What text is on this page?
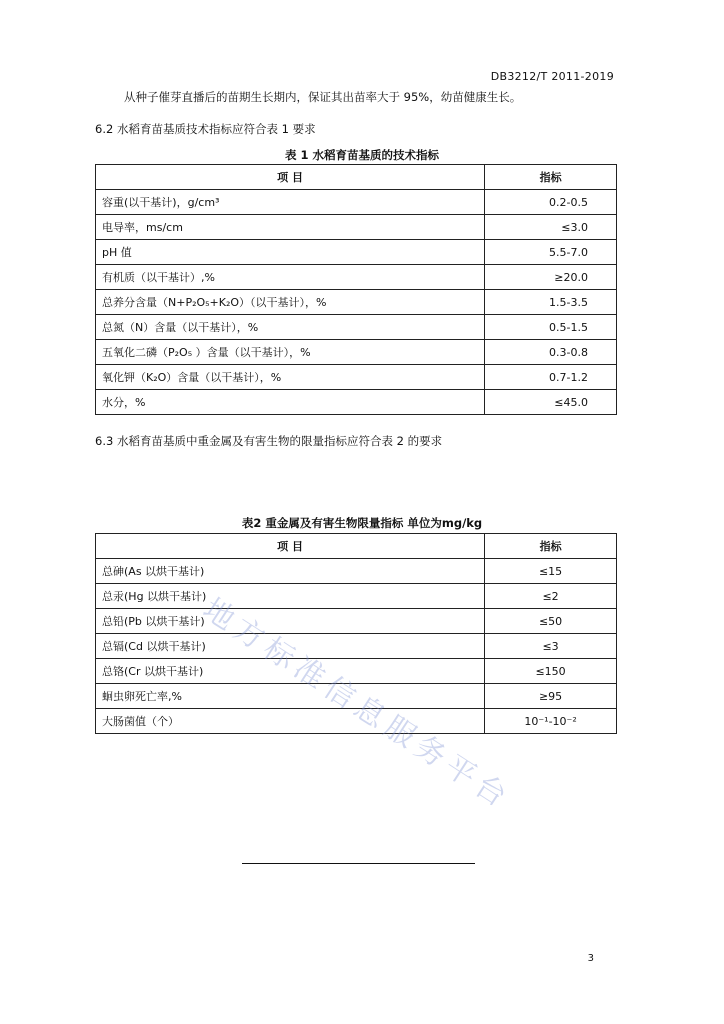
DB3212/T 2011-2019
从种子催芽直播后的苗期生长期内，保证其出苗率大于 95%，幼苗健康生长。
6.2 水稻育苗基质技术指标应符合表 1 要求
表 1 水稻育苗基质的技术指标
项 目	指标
容重(以干基计)，g/cm³	0.2-0.5
电导率，ms/cm	≤3.0
pH 值	5.5-7.0
有机质（以干基计）,%	≥20.0
总养分含量（N+P₂O₅+K₂O）（以干基计），%	1.5-3.5
总氮（N）含量（以干基计），%	0.5-1.5
五氧化二磷（P₂O₅ ）含量（以干基计），%	0.3-0.8
氧化钾（K₂O）含量（以干基计），%	0.7-1.2
水分，%	≤45.0
6.3 水稻育苗基质中重金属及有害生物的限量指标应符合表 2 的要求
表2 重金属及有害生物限量指标 单位为mg/kg
项 目	指标
总砷(As 以烘干基计)	≤15
总汞(Hg 以烘干基计)	≤2
总铅(Pb 以烘干基计)	≤50
总镉(Cd 以烘干基计)	≤3
总铬(Cr 以烘干基计)	≤150
蛔虫卵死亡率,%	≥95
大肠菌值（个）	10⁻¹-10⁻²
地方标准信息服务平台
3
